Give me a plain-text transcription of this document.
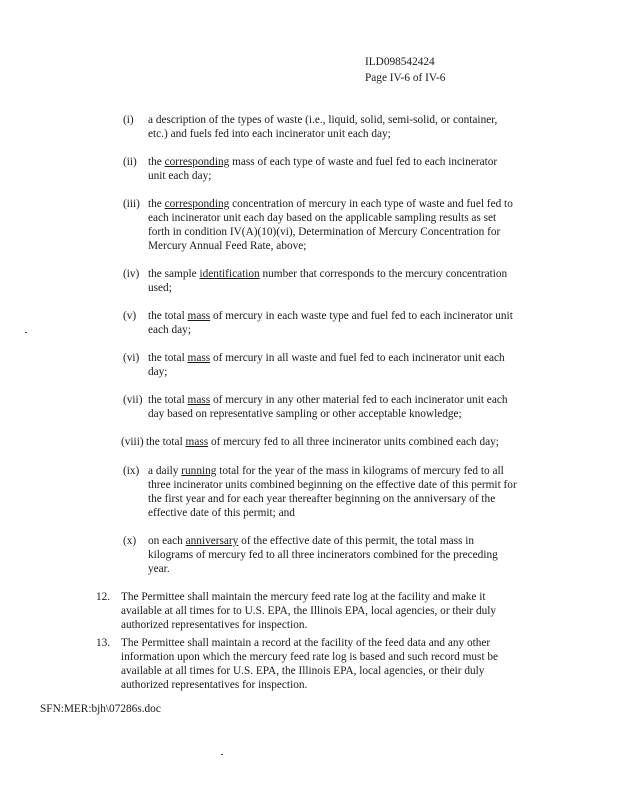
ILD098542424
Page IV-6 of IV-6
(i) a description of the types of waste (i.e., liquid, solid, semi-solid, or container,
etc.) and fuels fed into each incinerator unit each day;
(ii) the corresponding mass of each type of waste and fuel fed to each incinerator
unit each day;
(iii) the corresponding concentration of mercury in each type of waste and fuel fed to
each incinerator unit each day based on the applicable sampling results as set
forth in condition IV(A)(10)(vi), Determination of Mercury Concentration for
Mercury Annual Feed Rate, above;
(iv) the sample identification number that corresponds to the mercury concentration
used;
(v) the total mass of mercury in each waste type and fuel fed to each incinerator unit
each day;
(vi) the total mass of mercury in all waste and fuel fed to each incinerator unit each
day;
(vii) the total mass of mercury in any other material fed to each incinerator unit each
day based on representative sampling or other acceptable knowledge;
(viii) the total mass of mercury fed to all three incinerator units combined each day;
(ix) a daily running total for the year of the mass in kilograms of mercury fed to all
three incinerator units combined beginning on the effective date of this permit for
the first year and for each year thereafter beginning on the anniversary of the
effective date of this permit; and
(x) on each anniversary of the effective date of this permit, the total mass in
kilograms of mercury fed to all three incinerators combined for the preceding
year.
12. The Permittee shall maintain the mercury feed rate log at the facility and make it
available at all times for to U.S. EPA, the Illinois EPA, local agencies, or their duly
authorized representatives for inspection.
13. The Permittee shall maintain a record at the facility of the feed data and any other
information upon which the mercury feed rate log is based and such record must be
available at all times for U.S. EPA, the Illinois EPA, local agencies, or their duly
authorized representatives for inspection.
SFN:MER:bjh\07286s.doc
